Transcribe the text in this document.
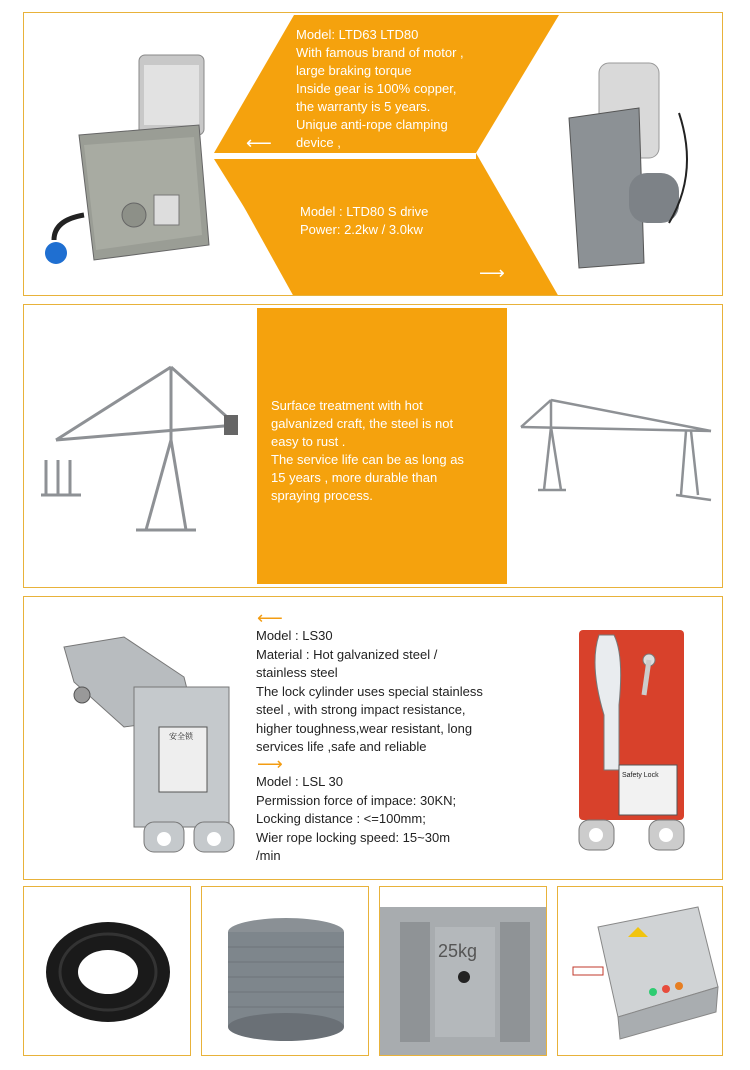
Model: LTD63 LTD80
With famous brand of motor ,
large braking torque
Inside gear is 100% copper,
the warranty is 5 years.
Unique anti-rope clamping
device ,
⟵
Model : LTD80 S drive
Power: 2.2kw / 3.0kw
⟶
Surface treatment with hot
galvanized craft, the steel is not
easy to rust .
The service life can be as long as
15 years , more durable than
spraying process.
⟵
Model : LS30
Material : Hot galvanized steel /
stainless steel
The lock cylinder uses special stainless
steel , with strong impact resistance,
higher toughness,wear resistant, long
services life ,safe and reliable
⟶
Model : LSL 30
Permission force of impace: 30KN;
Locking distance : <=100mm;
Wier rope locking speed: 15~30m
/min
安全锁
Safety Lock
25kg
